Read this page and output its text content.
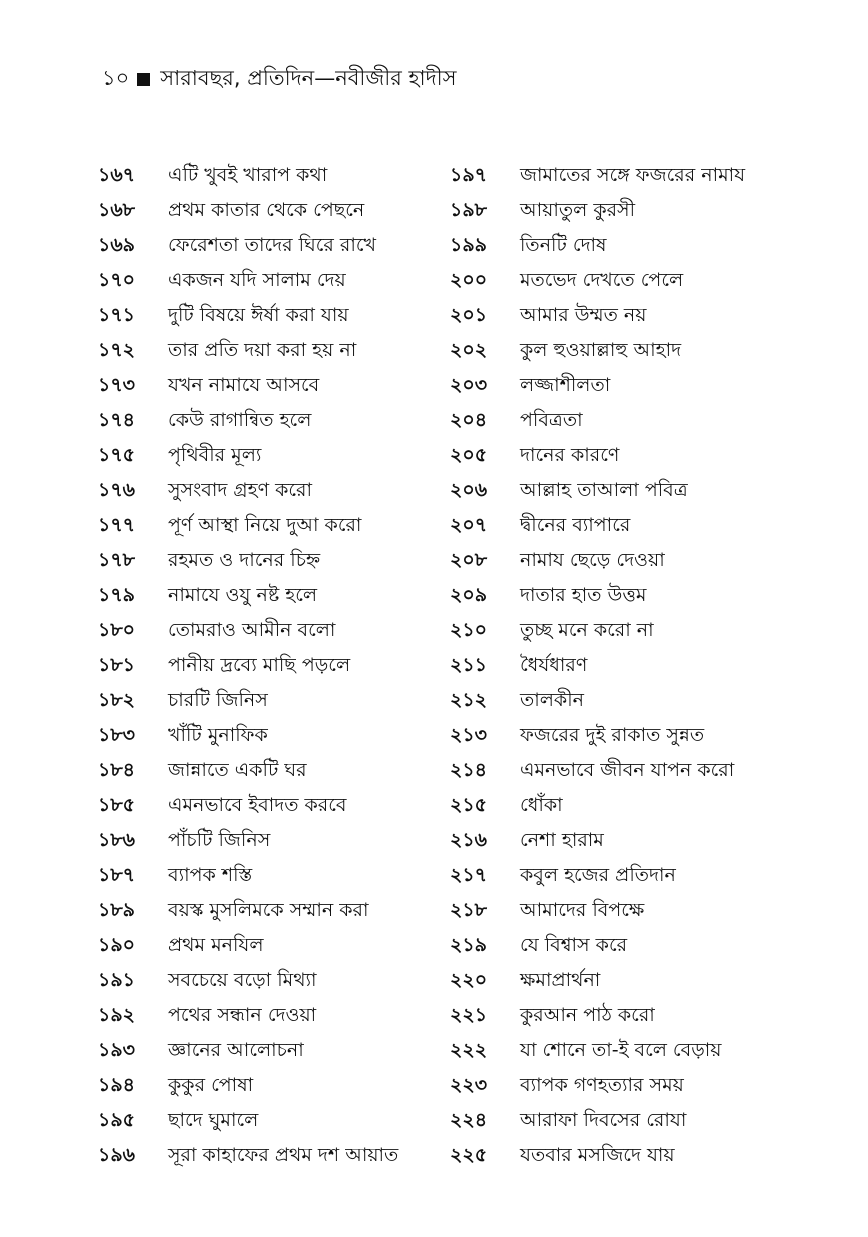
১০ সারাবছর, প্রতিদিন—নবীজীর হাদীস
১৬৭	এটি খুবই খারাপ কথা
১৬৮	প্রথম কাতার থেকে পেছনে
১৬৯	ফেরেশতা তাদের ঘিরে রাখে
১৭০	একজন যদি সালাম দেয়
১৭১	দুটি বিষয়ে ঈর্ষা করা যায়
১৭২	তার প্রতি দয়া করা হয় না
১৭৩	যখন নামাযে আসবে
১৭৪	কেউ রাগান্বিত হলে
১৭৫	পৃথিবীর মূল্য
১৭৬	সুসংবাদ গ্রহণ করো
১৭৭	পূর্ণ আস্থা নিয়ে দুআ করো
১৭৮	রহমত ও দানের চিহ্ন
১৭৯	নামাযে ওযু নষ্ট হলে
১৮০	তোমরাও আমীন বলো
১৮১	পানীয় দ্রব্যে মাছি পড়লে
১৮২	চারটি জিনিস
১৮৩	খাঁটি মুনাফিক
১৮৪	জান্নাতে একটি ঘর
১৮৫	এমনভাবে ইবাদত করবে
১৮৬	পাঁচটি জিনিস
১৮৭	ব্যাপক শস্তি
১৮৯	বয়স্ক মুসলিমকে সম্মান করা
১৯০	প্রথম মনযিল
১৯১	সবচেয়ে বড়ো মিথ্যা
১৯২	পথের সন্ধান দেওয়া
১৯৩	জ্ঞানের আলোচনা
১৯৪	কুকুর পোষা
১৯৫	ছাদে ঘুমালে
১৯৬	সূরা কাহাফের প্রথম দশ আয়াত
১৯৭	জামাতের সঙ্গে ফজরের নামায
১৯৮	আয়াতুল কুরসী
১৯৯	তিনটি দোষ
২০০	মতভেদ দেখতে পেলে
২০১	আমার উম্মত নয়
২০২	কুল হুওয়াল্লাহু আহাদ
২০৩	লজ্জাশীলতা
২০৪	পবিত্রতা
২০৫	দানের কারণে
২০৬	আল্লাহ তাআলা পবিত্র
২০৭	দ্বীনের ব্যাপারে
২০৮	নামায ছেড়ে দেওয়া
২০৯	দাতার হাত উত্তম
২১০	তুচ্ছ মনে করো না
২১১	ধৈর্যধারণ
২১২	তালকীন
২১৩	ফজরের দুই রাকাত সুন্নত
২১৪	এমনভাবে জীবন যাপন করো
২১৫	ধোঁকা
২১৬	নেশা হারাম
২১৭	কবুল হজের প্রতিদান
২১৮	আমাদের বিপক্ষে
২১৯	যে বিশ্বাস করে
২২০	ক্ষমাপ্রার্থনা
২২১	কুরআন পাঠ করো
২২২	যা শোনে তা-ই বলে বেড়ায়
২২৩	ব্যাপক গণহত্যার সময়
২২৪	আরাফা দিবসের রোযা
২২৫	যতবার মসজিদে যায়
